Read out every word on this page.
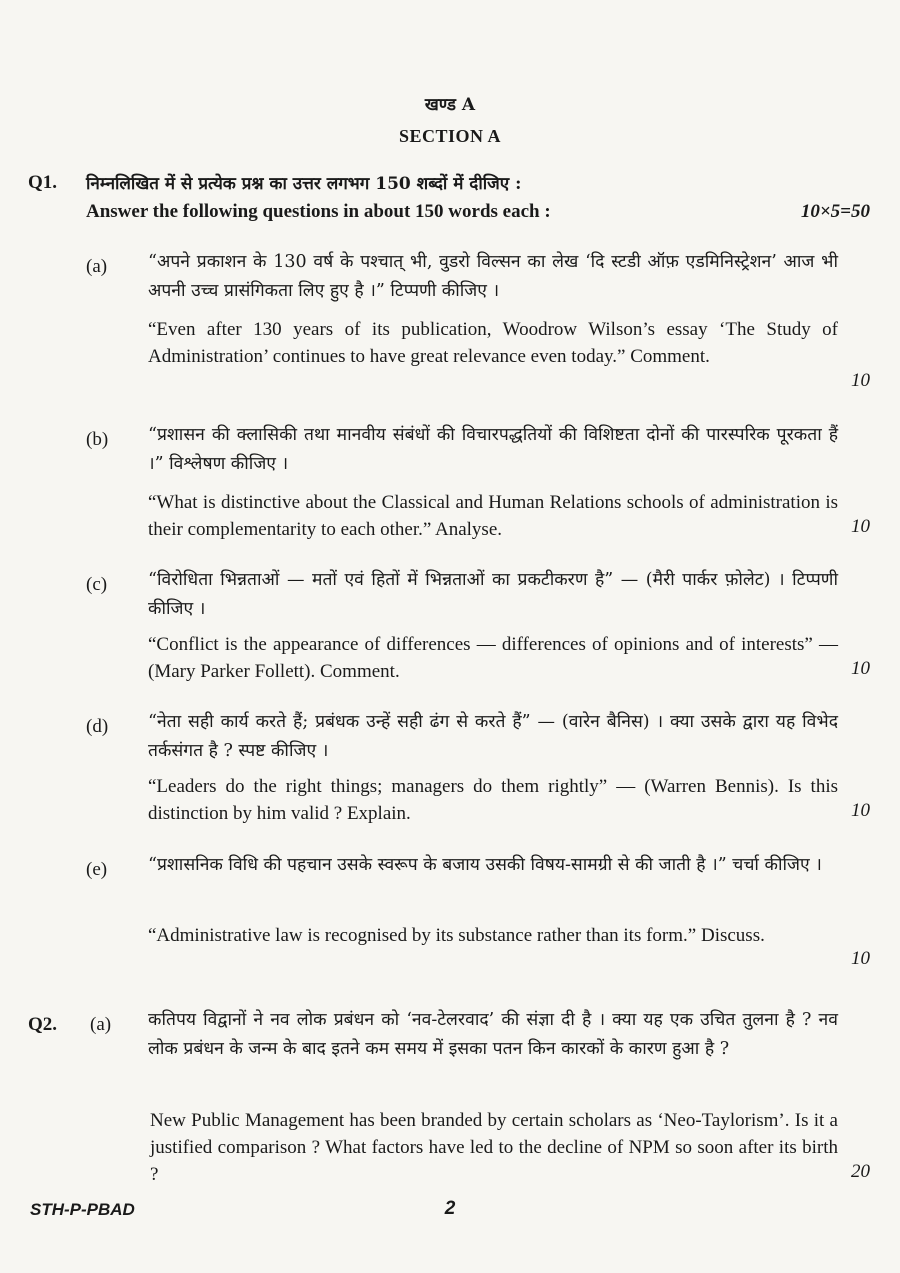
खण्ड A
SECTION A
Q1. निम्नलिखित में से प्रत्येक प्रश्न का उत्तर लगभग 150 शब्दों में दीजिए :
Answer the following questions in about 150 words each :	10×5=50
(a) “अपने प्रकाशन के 130 वर्ष के पश्चात् भी, वुडरो विल्सन का लेख ‘दि स्टडी ऑफ़ एडमिनिस्ट्रेशन’ आज भी अपनी उच्च प्रासंगिकता लिए हुए है ।” टिप्पणी कीजिए ।
“Even after 130 years of its publication, Woodrow Wilson’s essay ‘The Study of Administration’ continues to have great relevance even today.” Comment.
10
(b) “प्रशासन की क्लासिकी तथा मानवीय संबंधों की विचारपद्धतियों की विशिष्टता दोनों की पारस्परिक पूरकता हैं ।” विश्लेषण कीजिए ।
“What is distinctive about the Classical and Human Relations schools of administration is their complementarity to each other.” Analyse.	10
(c) “विरोधिता भिन्नताओं — मतों एवं हितों में भिन्नताओं का प्रकटीकरण है” — (मैरी पार्कर फ़ोलेट) । टिप्पणी कीजिए ।
“Conflict is the appearance of differences — differences of opinions and of interests” — (Mary Parker Follett). Comment.	10
(d) “नेता सही कार्य करते हैं; प्रबंधक उन्हें सही ढंग से करते हैं” — (वारेन बैनिस) । क्या उसके द्वारा यह विभेद तर्कसंगत है ? स्पष्ट कीजिए ।
“Leaders do the right things; managers do them rightly” — (Warren Bennis). Is this distinction by him valid ? Explain.	10
(e) “प्रशासनिक विधि की पहचान उसके स्वरूप के बजाय उसकी विषय-सामग्री से की जाती है ।” चर्चा कीजिए ।
“Administrative law is recognised by its substance rather than its form.” Discuss.
10
Q2. (a) कतिपय विद्वानों ने नव लोक प्रबंधन को ‘नव-टेलरवाद’ की संज्ञा दी है । क्या यह एक उचित तुलना है ? नव लोक प्रबंधन के जन्म के बाद इतने कम समय में इसका पतन किन कारकों के कारण हुआ है ?
New Public Management has been branded by certain scholars as ‘Neo-Taylorism’. Is it a justified comparison ? What factors have led to the decline of NPM so soon after its birth ?	20
STH-P-PBAD	2
